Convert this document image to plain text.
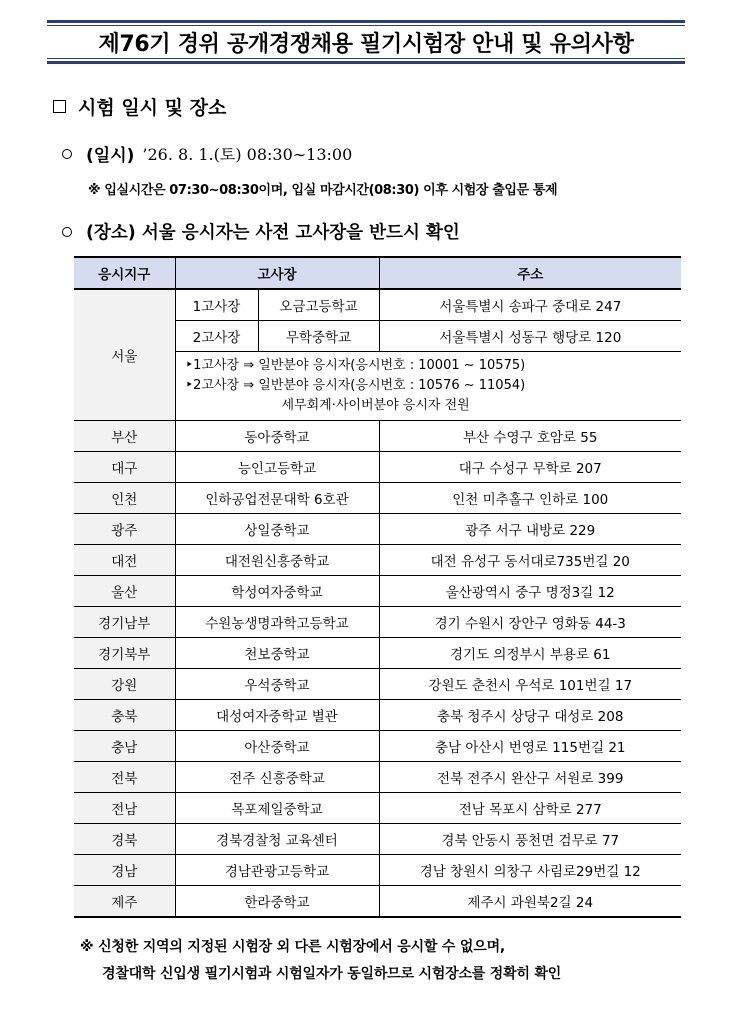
제76기 경위 공개경쟁채용 필기시험장 안내 및 유의사항
시험 일시 및 장소
(일시) ’26. 8. 1.(토) 08:30∼13:00
※ 입실시간은 07:30∼08:30이며, 입실 마감시간(08:30) 이후 시험장 출입문 통제
(장소) 서울 응시자는 사전 고사장을 반드시 확인
응시지구	고사장		주소
서울	1고사장	오금고등학교	서울특별시 송파구 중대로 247
	2고사장	무학중학교	서울특별시 성동구 행당로 120

	‣1고사장 ⇒ 일반분야 응시자(응시번호 : 10001 ∼ 10575)
‣2고사장 ⇒ 일반분야 응시자(응시번호 : 10576 ∼ 11054)
세무회계·사이버분야 응시자 전원		

부산	동아중학교		부산 수영구 호암로 55
대구	능인고등학교		대구 수성구 무학로 207
인천	인하공업전문대학 6호관		인천 미추홀구 인하로 100
광주	상일중학교		광주 서구 내방로 229
대전	대전원신흥중학교		대전 유성구 동서대로735번길 20
울산	학성여자중학교		울산광역시 중구 명정3길 12
경기남부	수원농생명과학고등학교		경기 수원시 장안구 영화동 44-3
경기북부	천보중학교		경기도 의정부시 부용로 61
강원	우석중학교		강원도 춘천시 우석로 101번길 17
충북	대성여자중학교 별관		충북 청주시 상당구 대성로 208
충남	아산중학교		충남 아산시 번영로 115번길 21
전북	전주 신흥중학교		전북 전주시 완산구 서원로 399
전남	목포제일중학교		전남 목포시 삼학로 277
경북	경북경찰청 교육센터		경북 안동시 풍천면 검무로 77
경남	경남관광고등학교		경남 창원시 의창구 사림로29번길 12
제주	한라중학교		제주시 과원북2길 24
※ 신청한 지역의 지정된 시험장 외 다른 시험장에서 응시할 수 없으며,
경찰대학 신입생 필기시험과 시험일자가 동일하므로 시험장소를 정확히 확인
